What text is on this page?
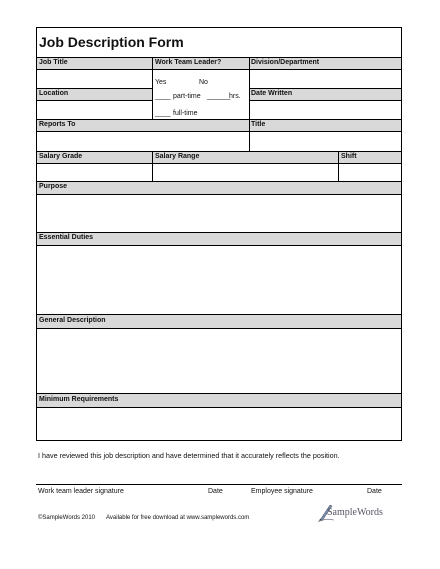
Job Description Form
Job Title	Work Team Leader?	Division/Department
Location	Date Written
Yes	No
____ part-time ______
hrs.
____ full-time
Reports To	Title
Salary Grade	Salary Range	Shift
Purpose
Essential Duties
General Description
Minimum Requirements
I have reviewed this job description and have determined that it accurately reflects the position.
Work team leader signature	Date	Employee signature	Date
©SampleWords 2010 Available for free download at www.samplewords.com	SampleWords
